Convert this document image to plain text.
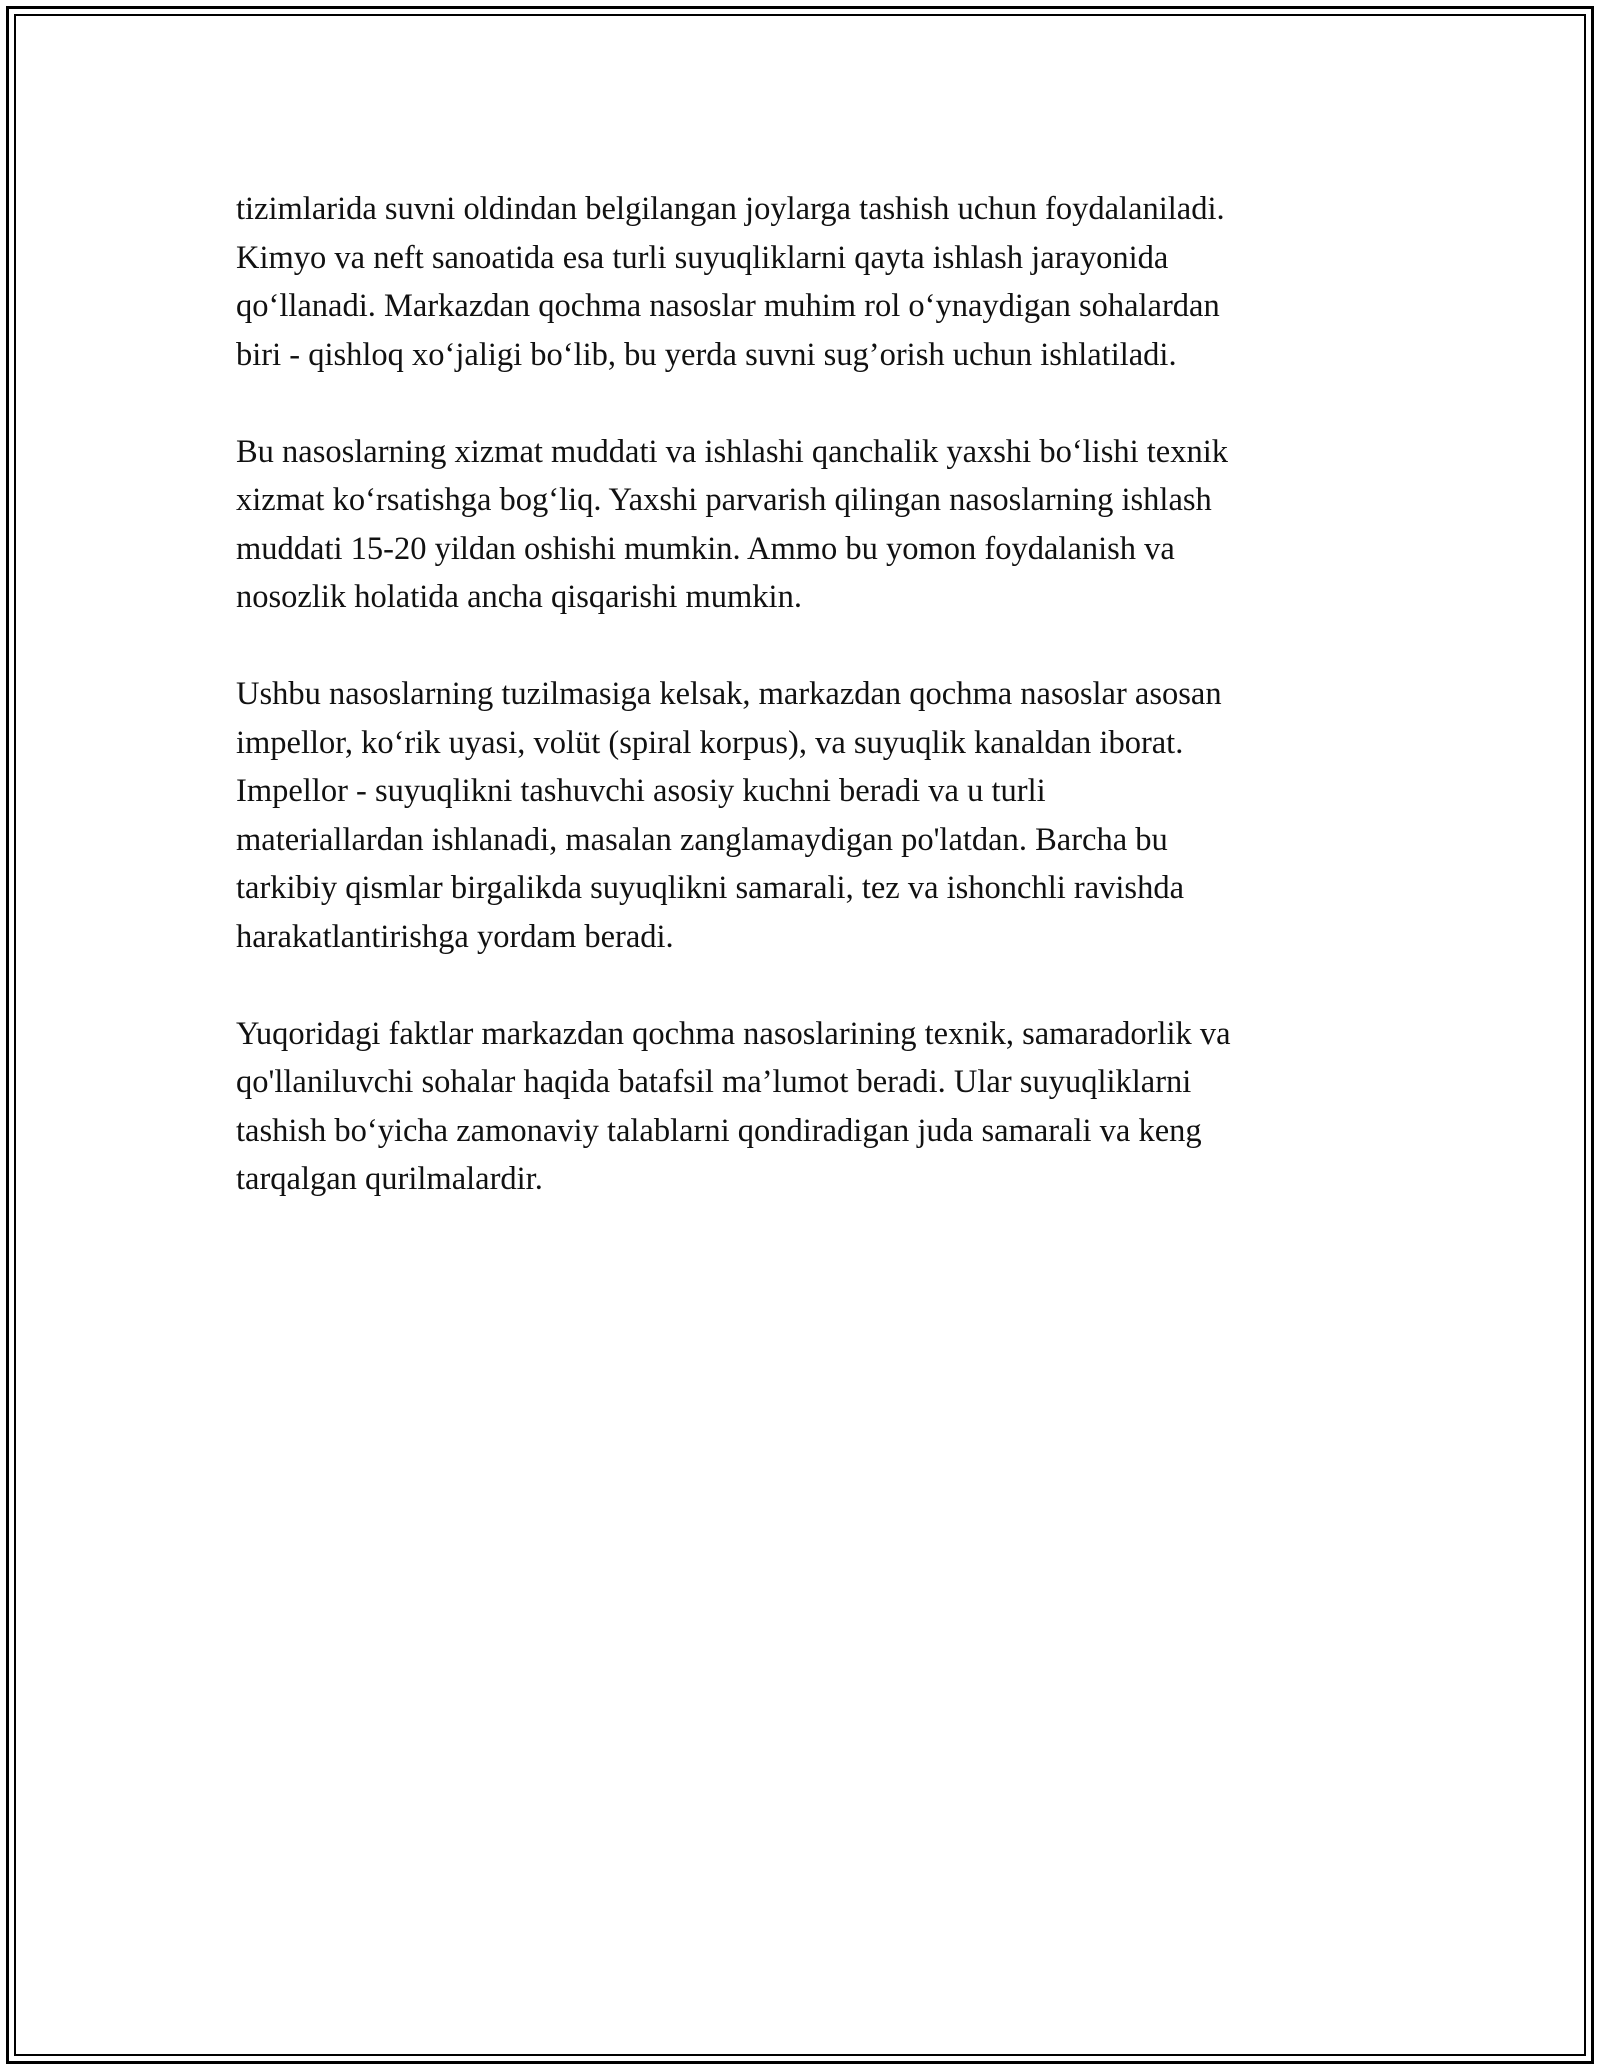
tizimlarida suvni oldindan belgilangan joylarga tashish uchun foydalaniladi.
Kimyo va neft sanoatida esa turli suyuqliklarni qayta ishlash jarayonida
qo‘llanadi. Markazdan qochma nasoslar muhim rol o‘ynaydigan sohalardan
biri - qishloq xo‘jaligi bo‘lib, bu yerda suvni sug’orish uchun ishlatiladi.
Bu nasoslarning xizmat muddati va ishlashi qanchalik yaxshi bo‘lishi texnik
xizmat ko‘rsatishga bog‘liq. Yaxshi parvarish qilingan nasoslarning ishlash
muddati 15-20 yildan oshishi mumkin. Ammo bu yomon foydalanish va
nosozlik holatida ancha qisqarishi mumkin.
Ushbu nasoslarning tuzilmasiga kelsak, markazdan qochma nasoslar asosan
impellor, ko‘rik uyasi, volüt (spiral korpus), va suyuqlik kanaldan iborat.
Impellor - suyuqlikni tashuvchi asosiy kuchni beradi va u turli
materiallardan ishlanadi, masalan zanglamaydigan po'latdan. Barcha bu
tarkibiy qismlar birgalikda suyuqlikni samarali, tez va ishonchli ravishda
harakatlantirishga yordam beradi.
Yuqoridagi faktlar markazdan qochma nasoslarining texnik, samaradorlik va
qo'llaniluvchi sohalar haqida batafsil ma’lumot beradi. Ular suyuqliklarni
tashish bo‘yicha zamonaviy talablarni qondiradigan juda samarali va keng
tarqalgan qurilmalardir.
